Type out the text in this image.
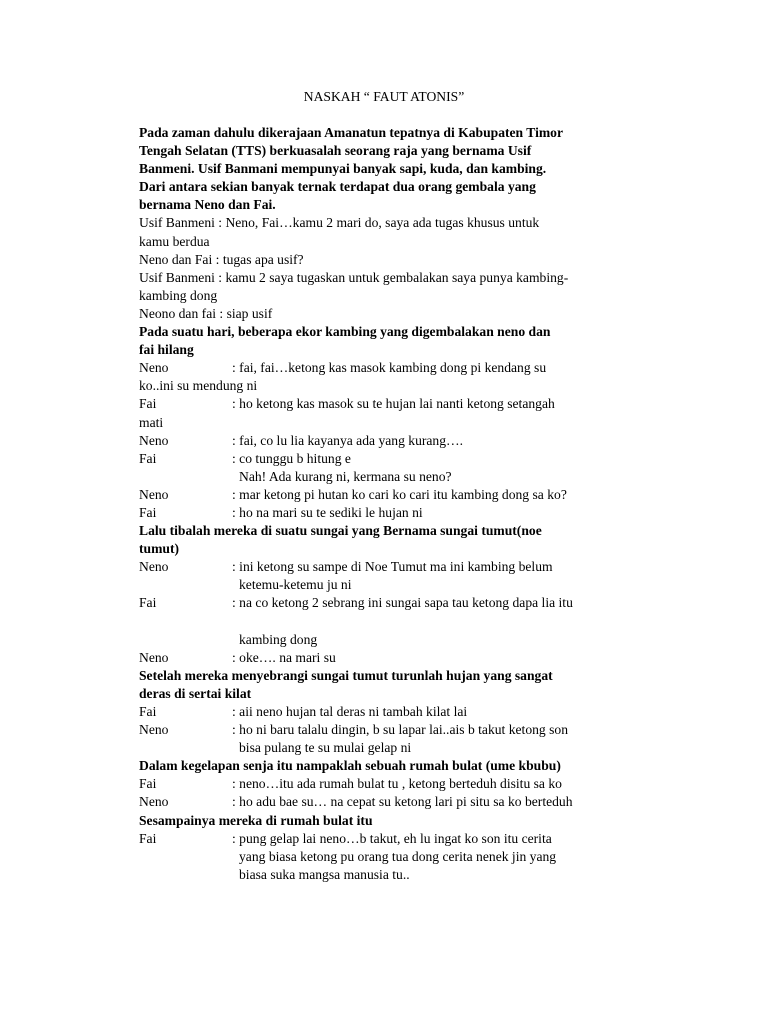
NASKAH “ FAUT ATONIS”
Pada zaman dahulu dikerajaan Amanatun tepatnya di Kabupaten Timor
Tengah Selatan (TTS) berkuasalah seorang raja yang bernama Usif
Banmeni. Usif Banmani mempunyai banyak sapi, kuda, dan kambing.
Dari antara sekian banyak ternak terdapat dua orang gembala yang
bernama Neno dan Fai.
Usif Banmeni : Neno, Fai…kamu 2 mari do, saya ada tugas khusus untuk
kamu berdua
Neno dan Fai : tugas apa usif?
Usif Banmeni : kamu 2 saya tugaskan untuk gembalakan saya punya kambing-
kambing dong
Neono dan fai : siap usif
Pada suatu hari, beberapa ekor kambing yang digembalakan neno dan
fai hilang
Neno	: fai, fai…ketong kas masok kambing dong pi kendang su
ko..ini su mendung ni
Fai	: ho ketong kas masok su te hujan lai nanti ketong setangah
mati
Neno	: fai, co lu lia kayanya ada yang kurang….
Fai	: co tunggu b hitung e
Nah! Ada kurang ni, kermana su neno?
Neno	: mar ketong pi hutan ko cari ko cari itu kambing dong sa ko?
Fai	: ho na mari su te sediki le hujan ni
Lalu tibalah mereka di suatu sungai yang Bernama sungai tumut(noe
tumut)
Neno	: ini ketong su sampe di Noe Tumut ma ini kambing belum
ketemu-ketemu ju ni
Fai	: na co ketong 2 sebrang ini sungai sapa tau ketong dapa lia itu
kambing dong
Neno	: oke…. na mari su
Setelah mereka menyebrangi sungai tumut turunlah hujan yang sangat
deras di sertai kilat
Fai	: aii neno hujan tal deras ni tambah kilat lai
Neno	: ho ni baru talalu dingin, b su lapar lai..ais b takut ketong son
bisa pulang te su mulai gelap ni
Dalam kegelapan senja itu nampaklah sebuah rumah bulat (ume kbubu)
Fai	: neno…itu ada rumah bulat tu , ketong berteduh disitu sa ko
Neno	: ho adu bae su… na cepat su ketong lari pi situ sa ko berteduh
Sesampainya mereka di rumah bulat itu
Fai	: pung gelap lai neno…b takut, eh lu ingat ko son itu cerita
yang biasa ketong pu orang tua dong cerita nenek jin yang
biasa suka mangsa manusia tu..
